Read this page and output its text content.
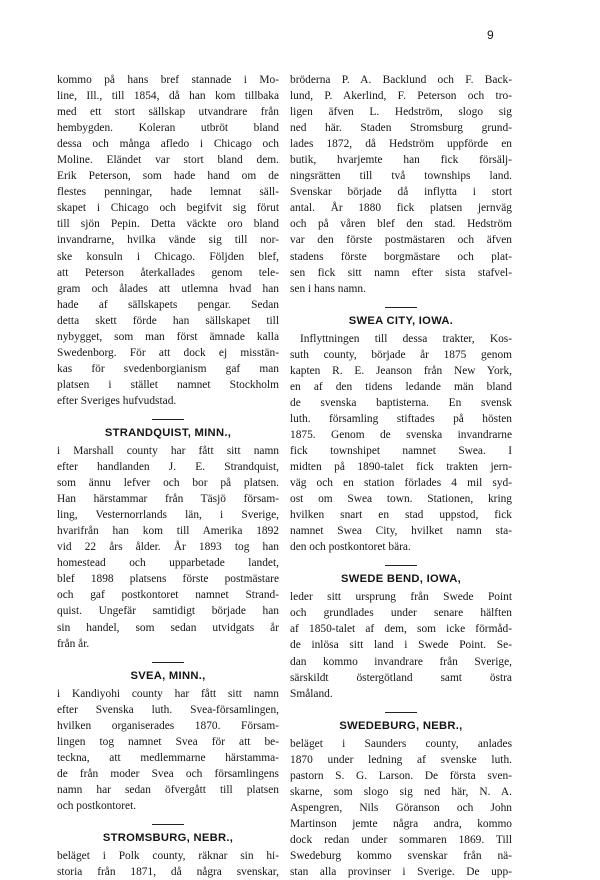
9
kommo på hans bref stannade i Mo-
line, Ill., till 1854, då han kom tillbaka
med ett stort sällskap utvandrare från
hembygden. Koleran utbröt bland
dessa och många afledo i Chicago och
Moline. Eländet var stort bland dem.
Erik Peterson, som hade hand om de
flestes penningar, hade lemnat säll-
skapet i Chicago och begifvit sig förut
till sjön Pepin. Detta väckte oro bland
invandrarne, hvilka vände sig till nor-
ske konsuln i Chicago. Följden blef,
att Peterson återkallades genom tele-
gram och ålades att utlemna hvad han
hade af sällskapets pengar. Sedan
detta skett förde han sällskapet till
nybygget, som man först ämnade kalla
Swedenborg. För att dock ej misstän-
kas för svedenborgianism gaf man
platsen i stället namnet Stockholm
efter Sveriges hufvudstad.
STRANDQUIST, MINN.,
i Marshall county har fått sitt namn
efter handlanden J. E. Strandquist,
som ännu lefver och bor på platsen.
Han härstammar från Täsjö försam-
ling, Vesternorrlands län, i Sverige,
hvarifrån han kom till Amerika 1892
vid 22 års ålder. År 1893 tog han
homestead och upparbetade landet,
blef 1898 platsens förste postmästare
och gaf postkontoret namnet Strand-
quist. Ungefär samtidigt började han
sin handel, som sedan utvidgats år
från år.
SVEA, MINN.,
i Kandiyohi county har fått sitt namn
efter Svenska luth. Svea-församlingen,
hvilken organiserades 1870. Försam-
lingen tog namnet Svea för att be-
teckna, att medlemmarne härstamma-
de från moder Svea och församlingens
namn har sedan öfvergått till platsen
och postkontoret.
STROMSBURG, NEBR.,
beläget i Polk county, räknar sin hi-
storia från 1871, då några svenskar,
bröderna P. A. Backlund och F. Back-
lund, P. Akerlind, F. Peterson och tro-
ligen äfven L. Hedström, slogo sig
ned här. Staden Stromsburg grund-
lades 1872, då Hedström uppförde en
butik, hvarjemte han fick försälj-
ningsrätten till två townships land.
Svenskar började då inflytta i stort
antal. År 1880 fick platsen jernväg
och på våren blef den stad. Hedström
var den förste postmästaren och äfven
stadens förste borgmästare och plat-
sen fick sitt namn efter sista stafvel-
sen i hans namn.
SWEA CITY, IOWA.
Inflyttningen till dessa trakter, Kos-
suth county, började år 1875 genom
kapten R. E. Jeanson från New York,
en af den tidens ledande män bland
de svenska baptisterna. En svensk
luth. församling stiftades på hösten
1875. Genom de svenska invandrarne
fick townshipet namnet Swea. I
midten på 1890-talet fick trakten jern-
väg och en station förlades 4 mil syd-
ost om Swea town. Stationen, kring
hvilken snart en stad uppstod, fick
namnet Swea City, hvilket namn sta-
den och postkontoret bära.
SWEDE BEND, IOWA,
leder sitt ursprung från Swede Point
och grundlades under senare hälften
af 1850-talet af dem, som icke förmåd-
de inlösa sitt land i Swede Point. Se-
dan kommo invandrare från Sverige,
särskildt östergötland samt östra
Småland.
SWEDEBURG, NEBR.,
beläget i Saunders county, anlades
1870 under ledning af svenske luth.
pastorn S. G. Larson. De första sven-
skarne, som slogo sig ned här, N. A.
Aspengren, Nils Göranson och John
Martinson jemte några andra, kommo
dock redan under sommaren 1869. Till
Swedeburg kommo svenskar från nä-
stan alla provinser i Sverige. De upp-
